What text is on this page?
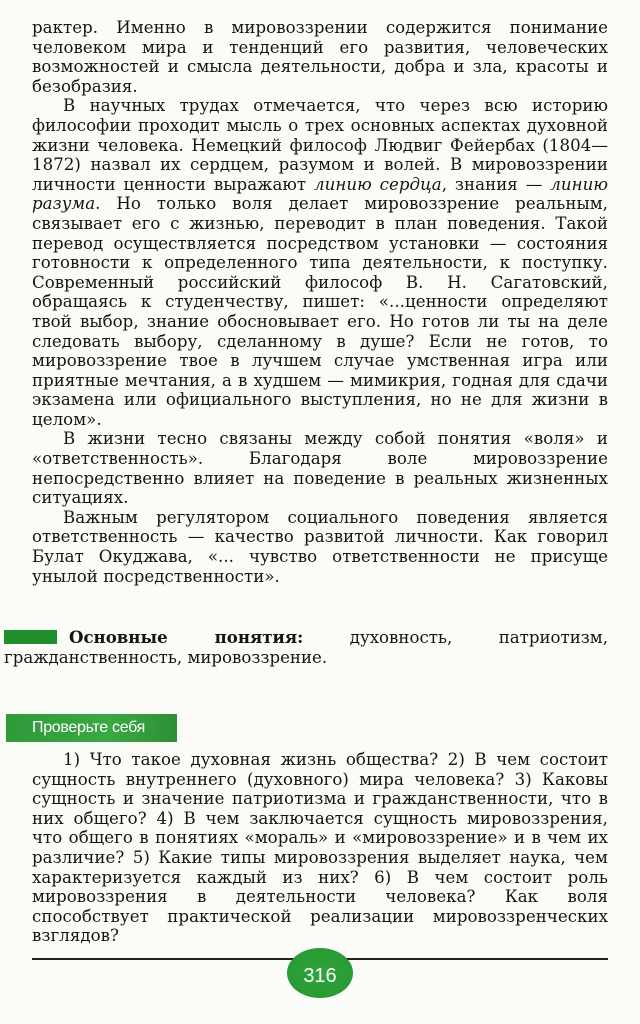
рактер. Именно в мировоззрении содержится понимание человеком мира и тенденций его развития, человеческих возможностей и смысла деятельности, добра и зла, красоты и безобразия.

В научных трудах отмечается, что через всю историю философии проходит мысль о трех основных аспектах духовной жизни человека. Немецкий философ Людвиг Фейербах (1804—1872) назвал их сердцем, разумом и волей. В мировоззрении личности ценности выражают линию сердца, знания — линию разума. Но только воля делает мировоззрение реальным, связывает его с жизнью, переводит в план поведения. Такой перевод осуществляется посредством установки — состояния готовности к определенного типа деятельности, к поступку. Современный российский философ В. Н. Сагатовский, обращаясь к студенчеству, пишет: «...ценности определяют твой выбор, знание обосновывает его. Но готов ли ты на деле следовать выбору, сделанному в душе? Если не готов, то мировоззрение твое в лучшем случае умственная игра или приятные мечтания, а в худшем — мимикрия, годная для сдачи экзамена или официального выступления, но не для жизни в целом».

В жизни тесно связаны между собой понятия «воля» и «ответственность». Благодаря воле мировоззрение непосредственно влияет на поведение в реальных жизненных ситуациях.

Важным регулятором социального поведения является ответственность — качество развитой личности. Как говорил Булат Окуджава, «... чувство ответственности не присуще унылой посредственности».

Основные понятия: духовность, патриотизм, гражданственность, мировоззрение.
Проверьте себя

1) Что такое духовная жизнь общества? 2) В чем состоит сущность внутреннего (духовного) мира человека? 3) Каковы сущность и значение патриотизма и гражданственности, что в них общего? 4) В чем заключается сущность мировоззрения, что общего в понятиях «мораль» и «мировоззрение» и в чем их различие? 5) Какие типы мировоззрения выделяет наука, чем характеризуется каждый из них? 6) В чем состоит роль мировоззрения в деятельности человека? Как воля способствует практической реализации мировоззренческих взглядов?

316
